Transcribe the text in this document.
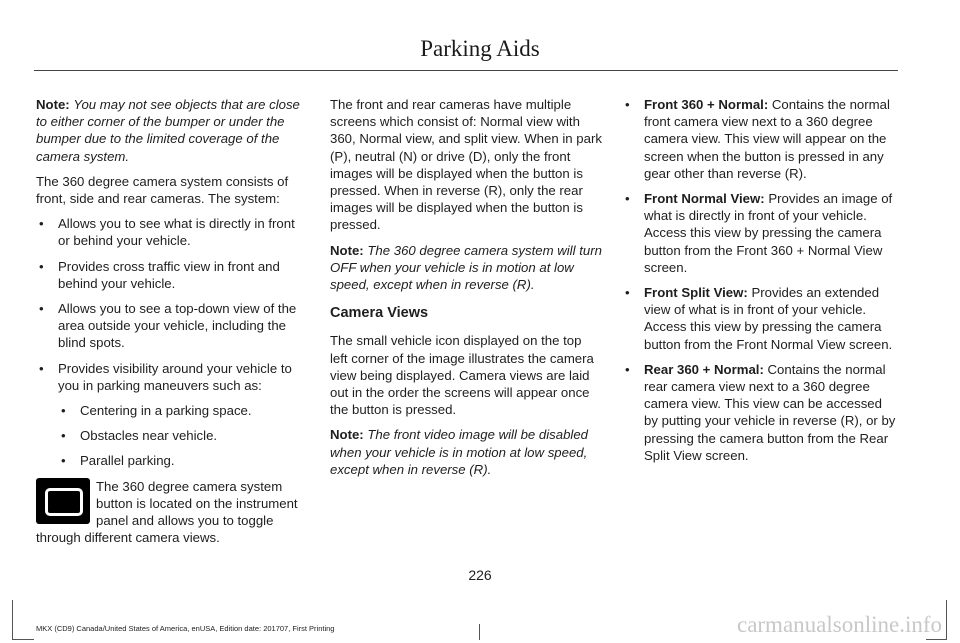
Parking Aids

Note: You may not see objects that are close to either corner of the bumper or under the bumper due to the limited coverage of the camera system.

The 360 degree camera system consists of front, side and rear cameras. The system:

• Allows you to see what is directly in front or behind your vehicle.
• Provides cross traffic view in front and behind your vehicle.
• Allows you to see a top-down view of the area outside your vehicle, including the blind spots.
• Provides visibility around your vehicle to you in parking maneuvers such as:
• Centering in a parking space.
• Obstacles near vehicle.
• Parallel parking.
The 360 degree camera system button is located on the instrument panel and allows you to toggle through different camera views.

The front and rear cameras have multiple screens which consist of: Normal view with 360, Normal view, and split view. When in park (P), neutral (N) or drive (D), only the front images will be displayed when the button is pressed. When in reverse (R), only the rear images will be displayed when the button is pressed.

Note: The 360 degree camera system will turn OFF when your vehicle is in motion at low speed, except when in reverse (R).

Camera Views

The small vehicle icon displayed on the top left corner of the image illustrates the camera view being displayed. Camera views are laid out in the order the screens will appear once the button is pressed.

Note: The front video image will be disabled when your vehicle is in motion at low speed, except when in reverse (R).

• Front 360 + Normal: Contains the normal front camera view next to a 360 degree camera view. This view will appear on the screen when the button is pressed in any gear other than reverse (R).
• Front Normal View: Provides an image of what is directly in front of your vehicle. Access this view by pressing the camera button from the Front 360 + Normal View screen.
• Front Split View: Provides an extended view of what is in front of your vehicle. Access this view by pressing the camera button from the Front Normal View screen.
• Rear 360 + Normal: Contains the normal rear camera view next to a 360 degree camera view. This view can be accessed by putting your vehicle in reverse (R), or by pressing the camera button from the Rear Split View screen.
226
MKX (CD9) Canada/United States of America, enUSA, Edition date: 201707, First Printing	carmanualsonline.info
